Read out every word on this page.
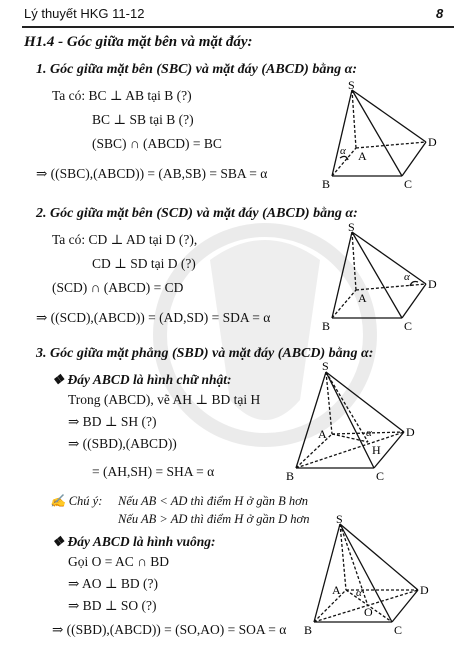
Lý thuyết HKG 11-12	8
H1.4 - Góc giữa mặt bên và mặt đáy:
1. Góc giữa mặt bên (SBC) và mặt đáy (ABCD) bằng α:
Ta có: BC ⊥ AB tại B (?)
BC ⊥ SB tại B (?)
(SBC) ∩ (ABCD) = BC
⇒ ((SBC),(ABCD)) = (AB,SB) = SBA = α
S
A
B	C
D
α
2. Góc giữa mặt bên (SCD) và mặt đáy (ABCD) bằng α:
Ta có: CD ⊥ AD tại D (?),
CD ⊥ SD tại D (?)
(SCD) ∩ (ABCD) = CD
⇒ ((SCD),(ABCD)) = (AD,SD) = SDA = α
S
A
B	C
D
α
3. Góc giữa mặt phẳng (SBD) và mặt đáy (ABCD) bằng α:
❖ Đáy ABCD là hình chữ nhật:
Trong (ABCD), vẽ AH ⊥ BD tại H
⇒ BD ⊥ SH (?)
⇒ ((SBD),(ABCD))
= (AH,SH) = SHA = α
✍ Chú ý: Nếu AB < AD thì điểm H ở gần B hơn
Nếu AB > AD thì điểm H ở gần D hơn
❖ Đáy ABCD là hình vuông:
Gọi O = AC ∩ BD
⇒ AO ⊥ BD (?)
⇒ BD ⊥ SO (?)
⇒ ((SBD),(ABCD)) = (SO,AO) = SOA = α
S
A
B	C
D
H
α
S
A
B	C
D
O
α
